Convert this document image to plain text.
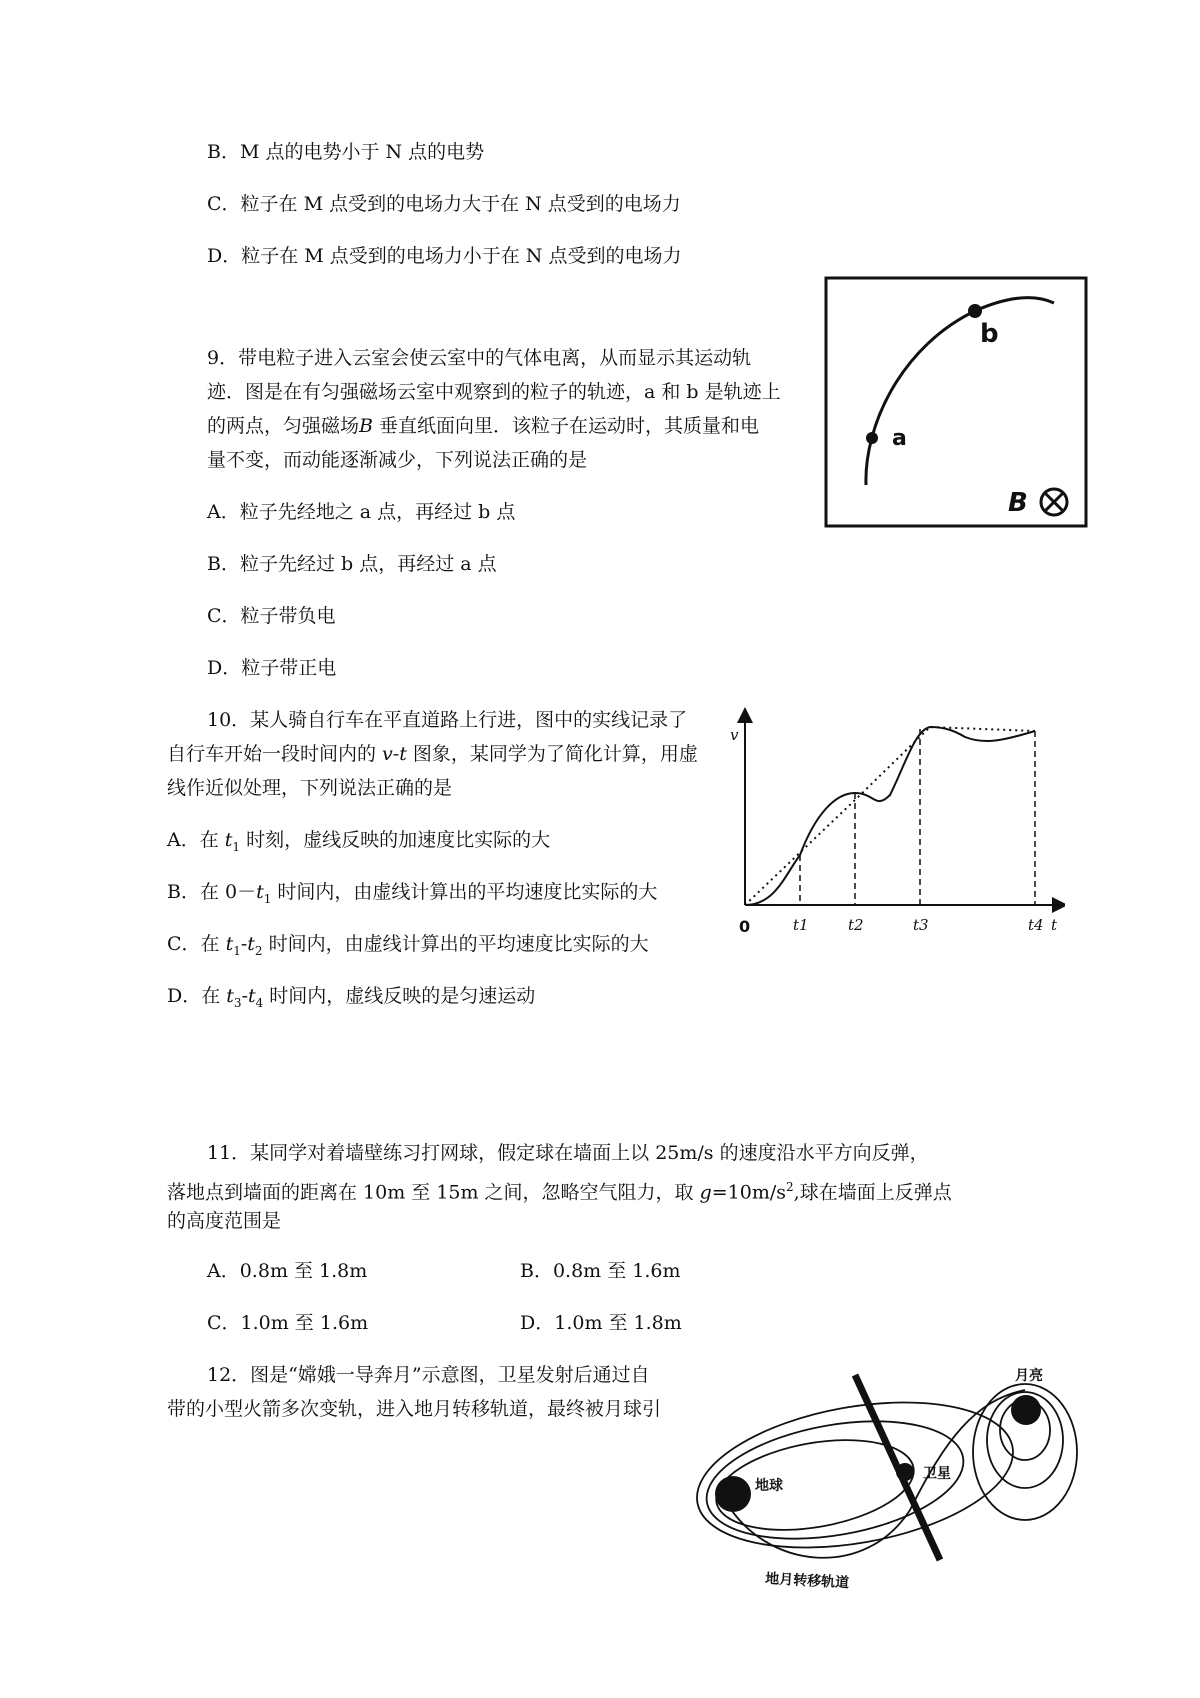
B．M 点的电势小于 N 点的电势
C．粒子在 M 点受到的电场力大于在 N 点受到的电场力
D．粒子在 M 点受到的电场力小于在 N 点受到的电场力
9．带电粒子进入云室会使云室中的气体电离，从而显示其运动轨
迹．图是在有匀强磁场云室中观察到的粒子的轨迹，a 和 b 是轨迹上
的两点，匀强磁场B 垂直纸面向里．该粒子在运动时，其质量和电
量不变，而动能逐渐减少，下列说法正确的是
A．粒子先经地之 a 点，再经过 b 点
B．粒子先经过 b 点，再经过 a 点
C．粒子带负电
D．粒子带正电
a
b
B
10．某人骑自行车在平直道路上行进，图中的实线记录了
自行车开始一段时间内的 v-t 图象，某同学为了简化计算，用虚
线作近似处理，下列说法正确的是
A．在 $t_1$ 时刻，虚线反映的加速度比实际的大
B．在 $0-t_1$ 时间内，由虚线计算出的平均速度比实际的大
C．在 $t_1-t_2$ 时间内，由虚线计算出的平均速度比实际的大
D．在 $t_3-t_4$ 时间内，虚线反映的是匀速运动
v
t
0	t1	t2	t3	t4
11．某同学对着墙壁练习打网球，假定球在墙面上以 25m/s 的速度沿水平方向反弹，
落地点到墙面的距离在 10m 至 15m 之间，忽略空气阻力，取 $g=10m/s^2$,球在墙面上反弹点
的高度范围是
A．0.8m 至 1.8m	B．0.8m 至 1.6m
C．1.0m 至 1.6m	D．1.0m 至 1.8m
12．图是“嫦娥一导奔月”示意图，卫星发射后通过自
带的小型火箭多次变轨，进入地月转移轨道，最终被月球引
月亮
地球
卫星
地月转移轨道
